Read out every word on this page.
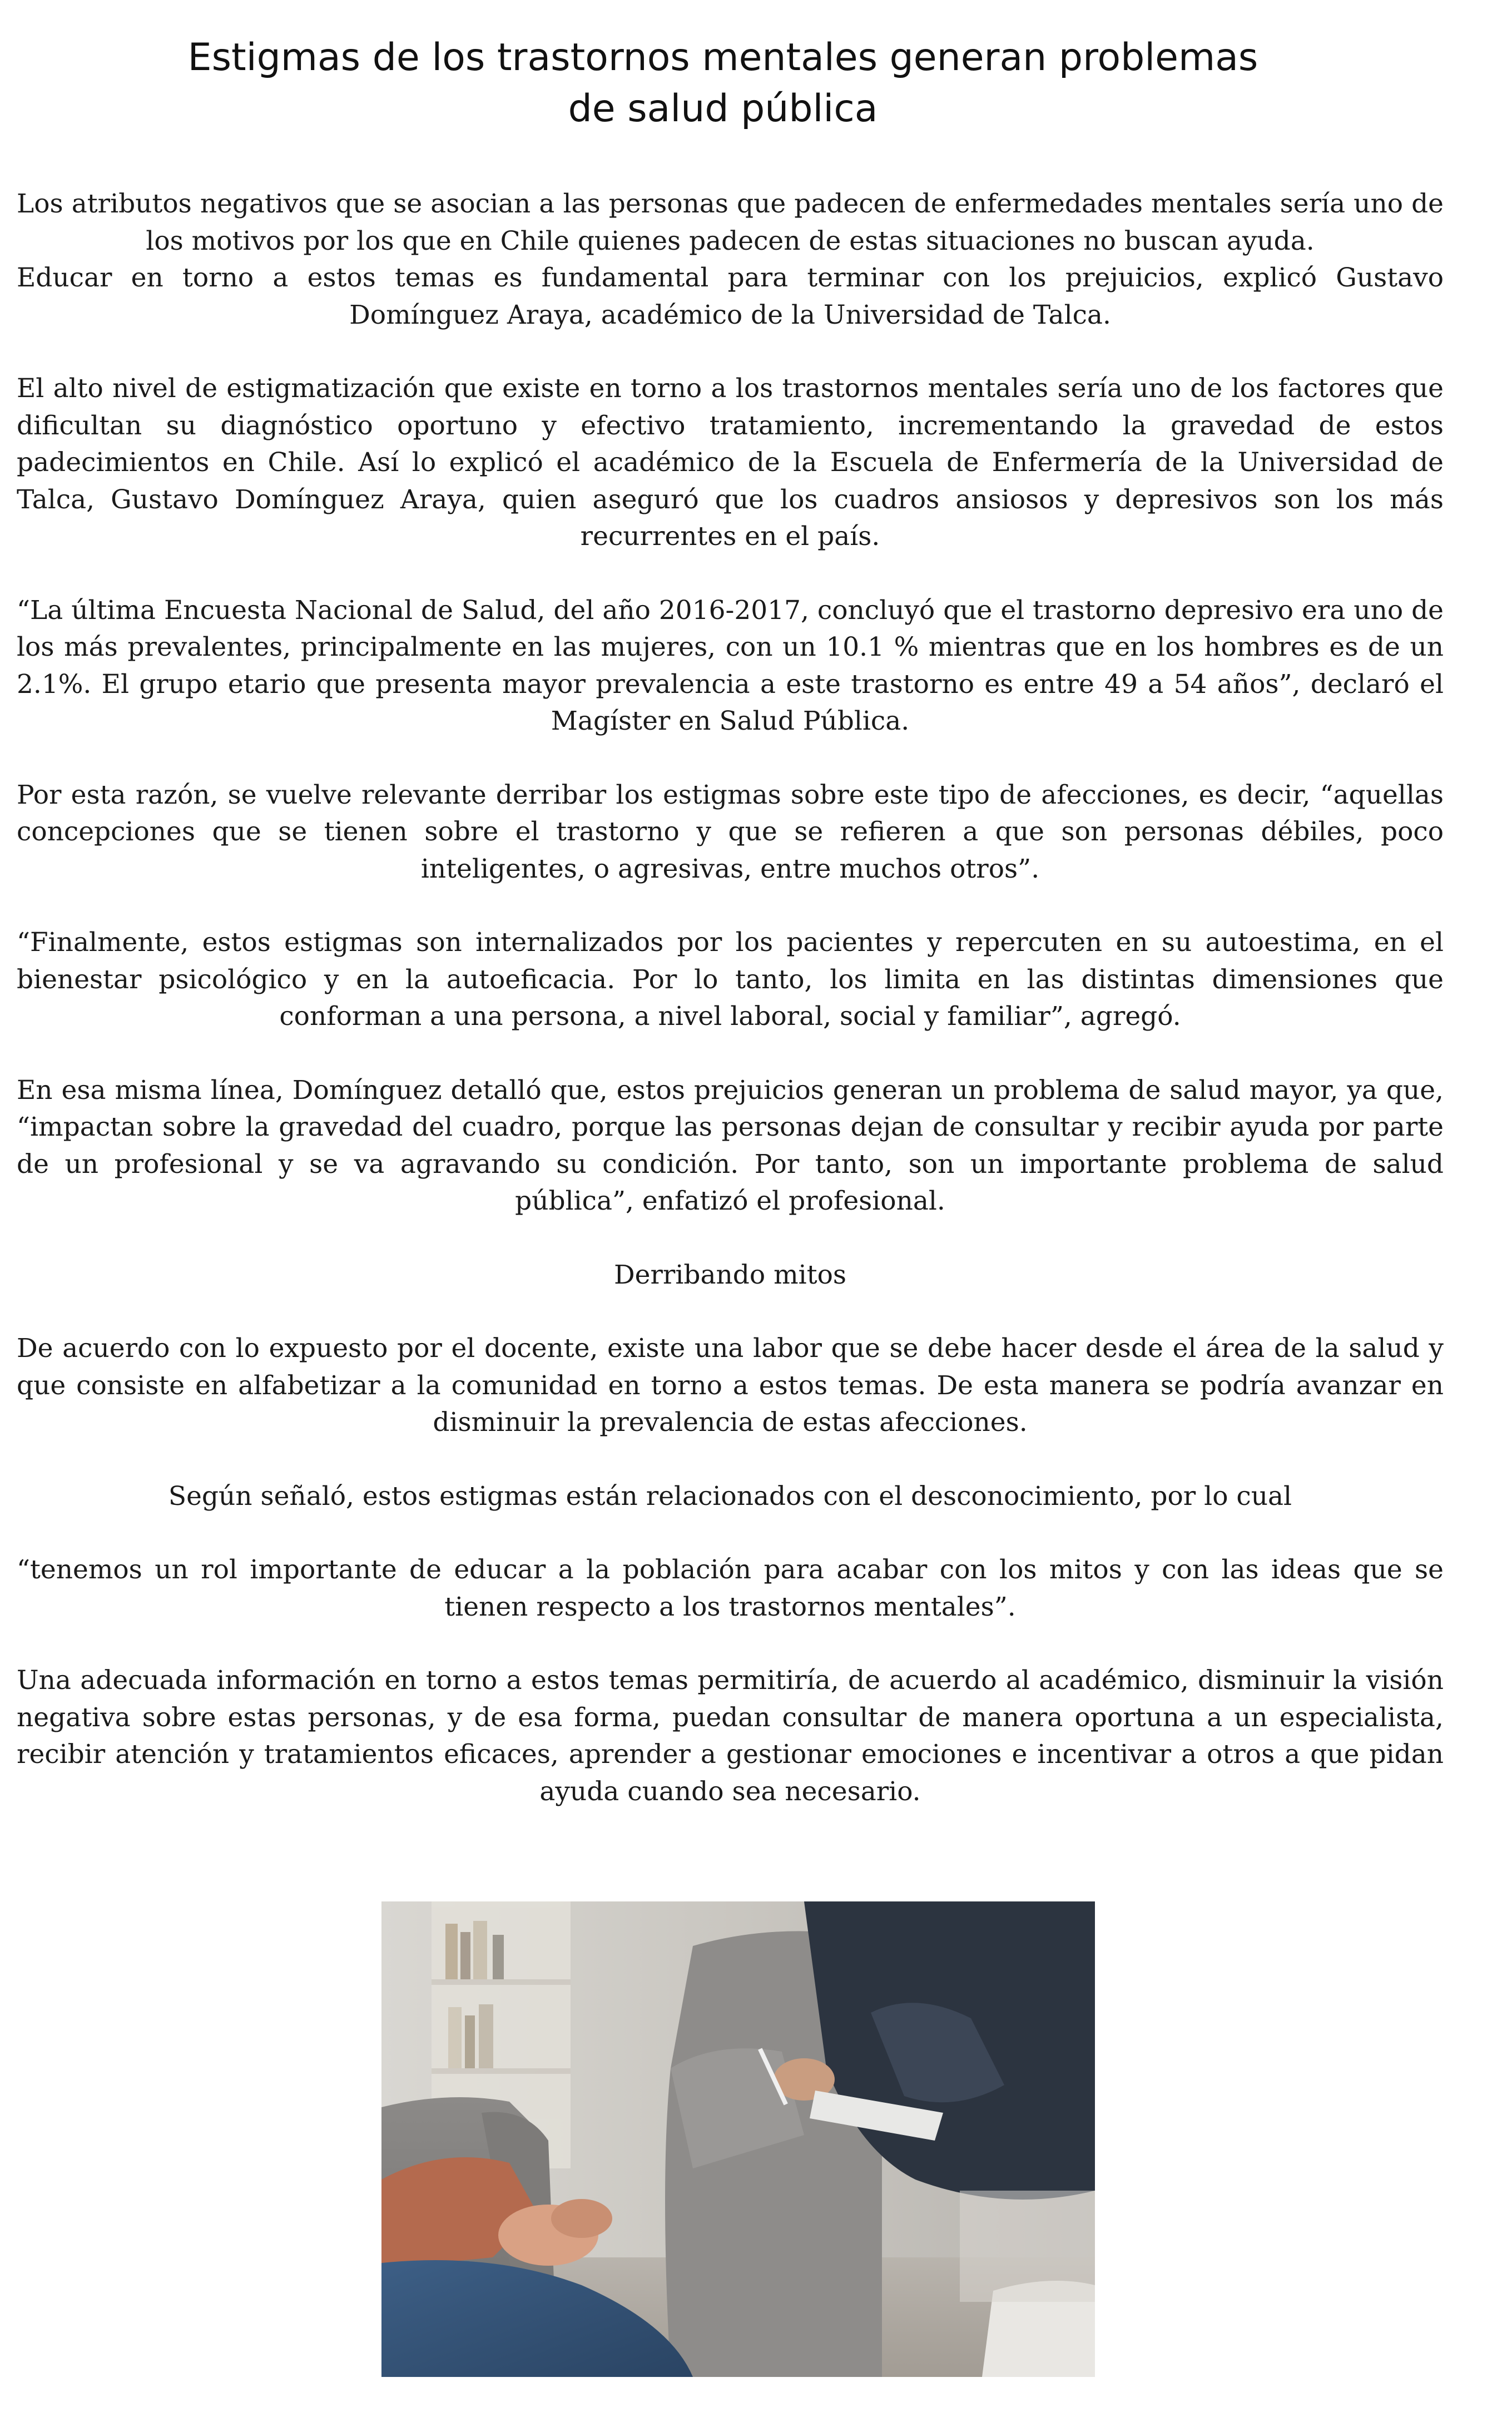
Estigmas de los trastornos mentales generan problemas
de salud pública

Los atributos negativos que se asocian a las personas que padecen de enfermedades mentales sería uno de los motivos por los que en Chile quienes padecen de estas situaciones no buscan ayuda.

Educar en torno a estos temas es fundamental para terminar con los prejuicios, explicó Gustavo Domínguez Araya, académico de la Universidad de Talca.

El alto nivel de estigmatización que existe en torno a los trastornos mentales sería uno de los factores que dificultan su diagnóstico oportuno y efectivo tratamiento, incrementando la gravedad de estos padecimientos en Chile. Así lo explicó el académico de la Escuela de Enfermería de la Universidad de Talca, Gustavo Domínguez Araya, quien aseguró que los cuadros ansiosos y depresivos son los más recurrentes en el país.

“La última Encuesta Nacional de Salud, del año 2016-2017, concluyó que el trastorno depresivo era uno de los más prevalentes, principalmente en las mujeres, con un 10.1 % mientras que en los hombres es de un 2.1%. El grupo etario que presenta mayor prevalencia a este trastorno es entre 49 a 54 años”, declaró el Magíster en Salud Pública.

Por esta razón, se vuelve relevante derribar los estigmas sobre este tipo de afecciones, es decir, “aquellas concepciones que se tienen sobre el trastorno y que se refieren a que son personas débiles, poco inteligentes, o agresivas, entre muchos otros”.

“Finalmente, estos estigmas son internalizados por los pacientes y repercuten en su autoestima, en el bienestar psicológico y en la autoeficacia. Por lo tanto, los limita en las distintas dimensiones que conforman a una persona, a nivel laboral, social y familiar”, agregó.

En esa misma línea, Domínguez detalló que, estos prejuicios generan un problema de salud mayor, ya que, “impactan sobre la gravedad del cuadro, porque las personas dejan de consultar y recibir ayuda por parte de un profesional y se va agravando su condición. Por tanto, son un importante problema de salud pública”, enfatizó el profesional.

Derribando mitos

De acuerdo con lo expuesto por el docente, existe una labor que se debe hacer desde el área de la salud y que consiste en alfabetizar a la comunidad en torno a estos temas. De esta manera se podría avanzar en disminuir la prevalencia de estas afecciones.

Según señaló, estos estigmas están relacionados con el desconocimiento, por lo cual

“tenemos un rol importante de educar a la población para acabar con los mitos y con las ideas que se tienen respecto a los trastornos mentales”.

Una adecuada información en torno a estos temas permitiría, de acuerdo al académico, disminuir la visión negativa sobre estas personas, y de esa forma, puedan consultar de manera oportuna a un especialista, recibir atención y tratamientos eficaces, aprender a gestionar emociones e incentivar a otros a que pidan ayuda cuando sea necesario.
